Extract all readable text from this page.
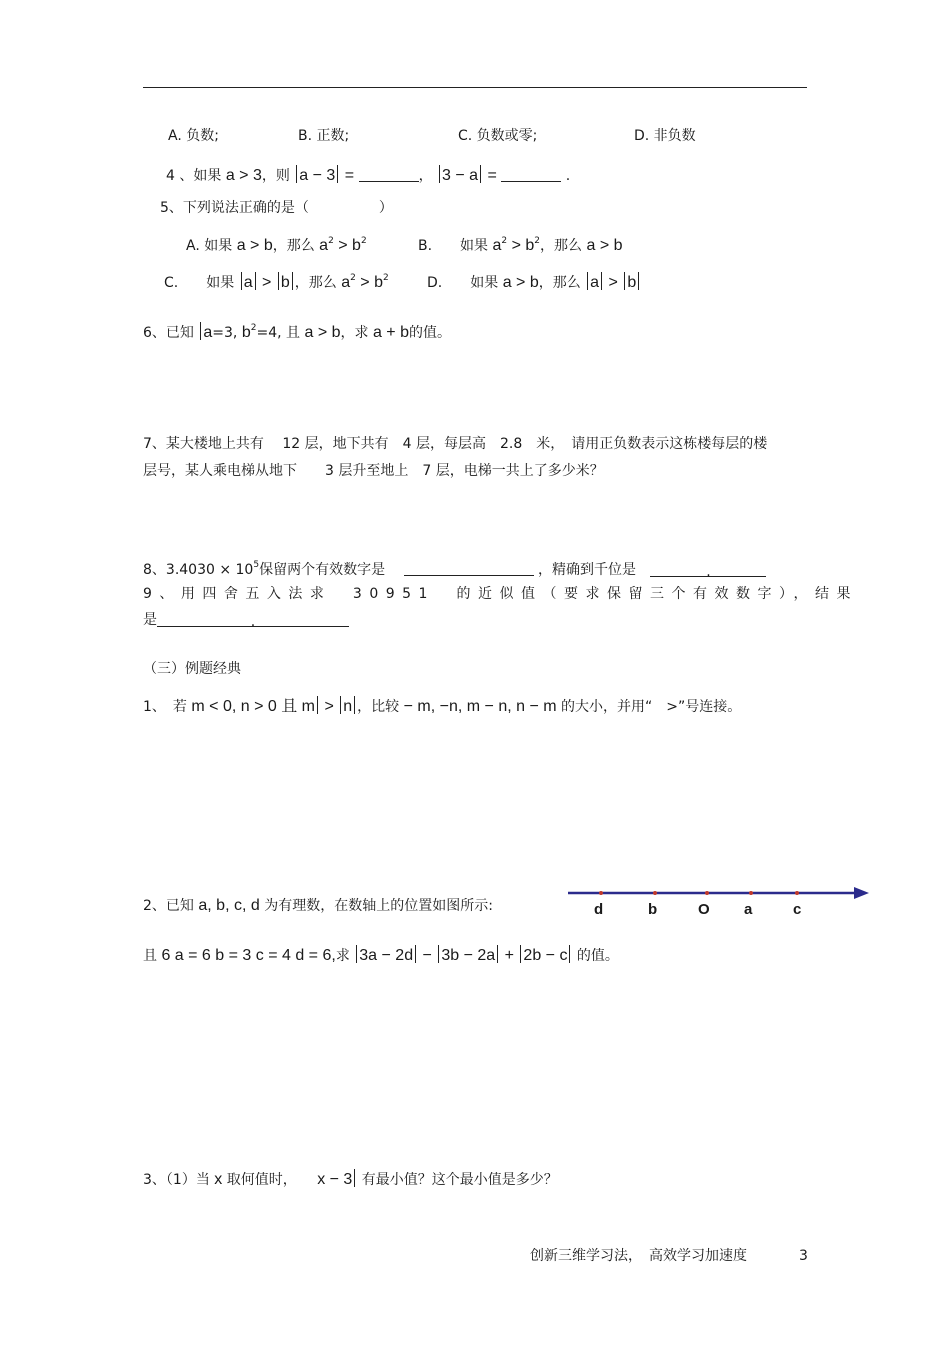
A. 负数;	B. 正数;	C. 负数或零;	D. 非负数
4 、如果 a > 3，则 a − 3 =	， 3 − a =	.
5、下列说法正确的是（　　　　　）
A. 如果 a > b，那么 $a^2 > b^2$	B.　　如果 $a^2 > b^2$，那么 a > b
C.　　如果 a > b ，那么 $a^2 > b^2$	D.　　如果 a > b，那么 a > b
6、已知 a=3, $b^2=4$, 且 a > b，求 a + b的值。
7、某大楼地上共有　 12 层，地下共有　4 层，每层高　2.8　米，　请用正负数表示这栋楼每层的楼
层号，某人乘电梯从地下　　3 层升至地上　7 层，电梯一共上了多少米？
8、$3.4030 \times 10^5$保留两个有效数字是	，精确到千位是	.
9、用四舍五入法求　30951　的近似值（要求保留三个有效数字），结果
是	.
（三）例题经典
1、　若 m < 0, n > 0 且 m > n ，比较 − m, −n, m − n, n − m 的大小，并用“　>”号连接。
2、已知 a, b, c, d 为有理数，在数轴上的位置如图所示:	d	b	O a	c
且 6 a = 6 b = 3 c = 4 d = 6,求 3a − 2d − 3b − 2a + 2b − c 的值。
3、（1）当 x 取何值时， x − 3 有最小值？这个最小值是多少？
创新三维学习法，　高效学习加速度	3
